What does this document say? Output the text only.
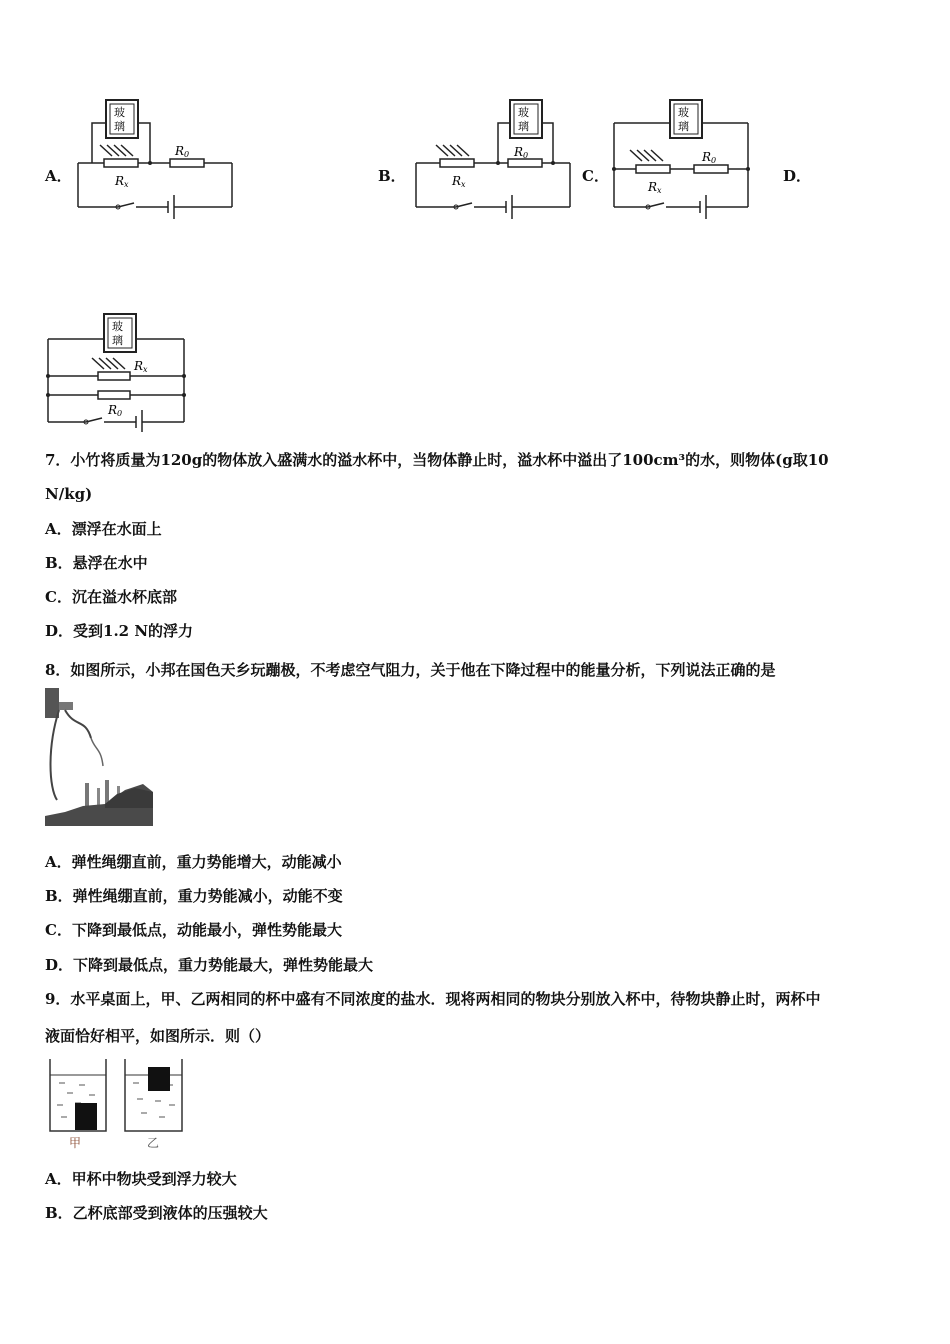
A．	B．	C．	D．
玻
璃
R0
Rx
玻
璃
R0
Rx
玻
璃
R0
Rx
玻
璃
Rx
R0
7．小竹将质量为120g的物体放入盛满水的溢水杯中，当物体静止时，溢水杯中溢出了100cm³的水，则物体(g取10
N/kg)
A．漂浮在水面上
B．悬浮在水中
C．沉在溢水杯底部
D．受到1.2 N的浮力
8．如图所示，小邦在国色天乡玩蹦极，不考虑空气阻力，关于他在下降过程中的能量分析，下列说法正确的是
A．弹性绳绷直前，重力势能增大，动能减小
B．弹性绳绷直前，重力势能减小，动能不变
C．下降到最低点，动能最小，弹性势能最大
D．下降到最低点，重力势能最大，弹性势能最大
9．水平桌面上，甲、乙两相同的杯中盛有不同浓度的盐水．现将两相同的物块分别放入杯中，待物块静止时，两杯中
液面恰好相平，如图所示．则（）
甲	乙
A．甲杯中物块受到浮力较大
B．乙杯底部受到液体的压强较大
